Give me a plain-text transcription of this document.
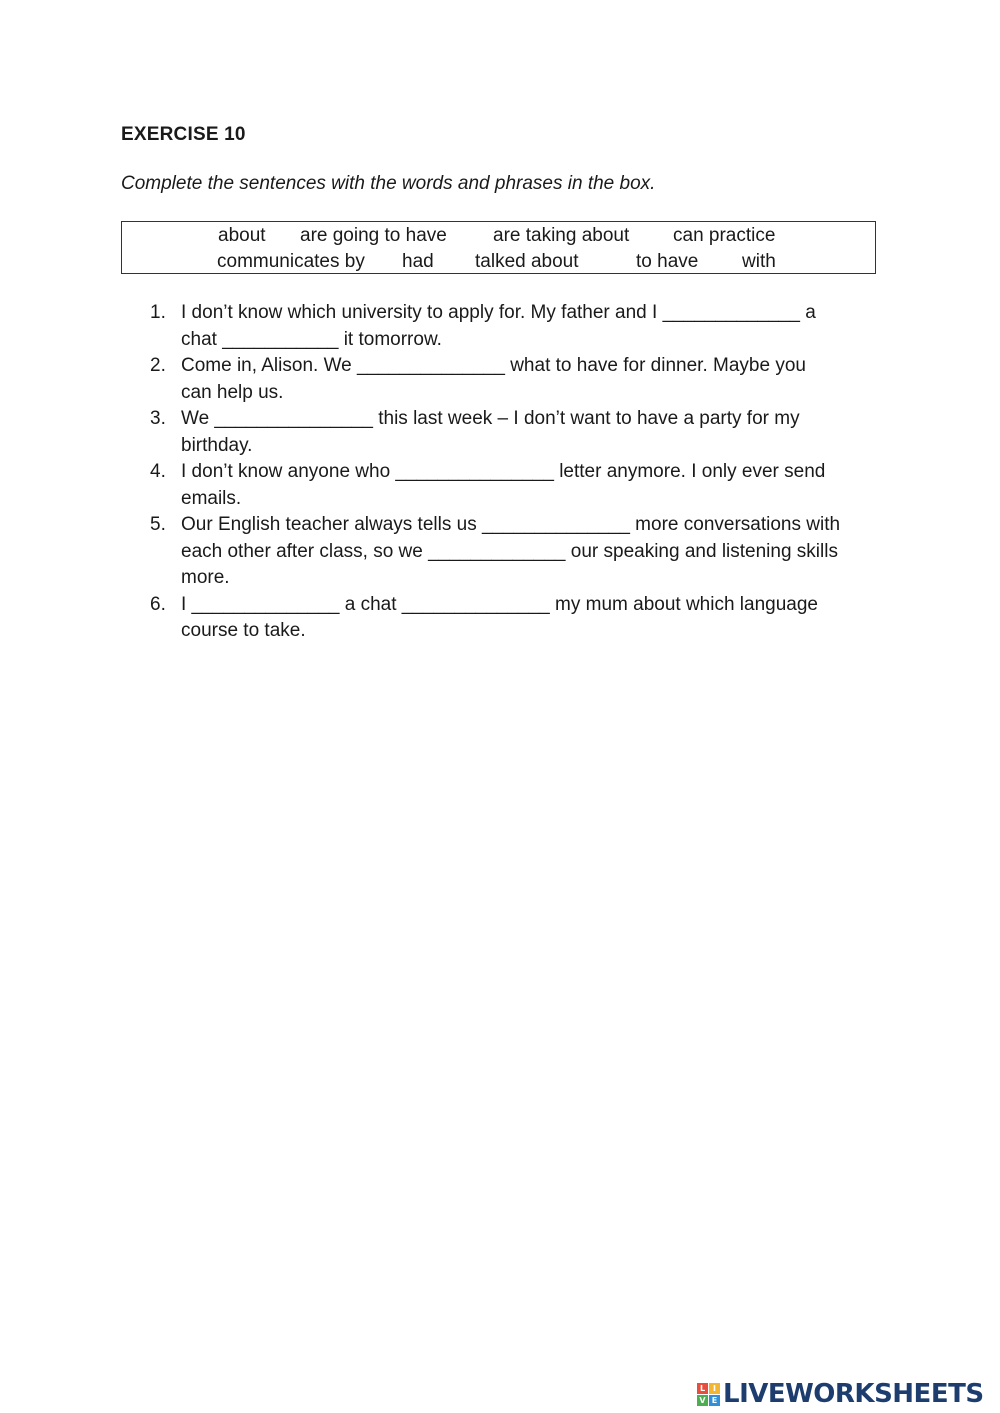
EXERCISE 10
Complete the sentences with the words and phrases in the box.
about are going to have are taking about can practice
communicates by had talked about	to have with
1. I don’t know which university to apply for. My father and I _____________ a
chat ___________ it tomorrow.
2. Come in, Alison. We ______________ what to have for dinner. Maybe you
can help us.
3. We _______________ this last week – I don’t want to have a party for my
birthday.
4. I don’t know anyone who _______________ letter anymore. I only ever send
emails.
5. Our English teacher always tells us ______________ more conversations with
each other after class, so we _____________ our speaking and listening skills
more.
6. I ______________ a chat ______________ my mum about which language
course to take.
L I
V E LIVEWORKSHEETS
